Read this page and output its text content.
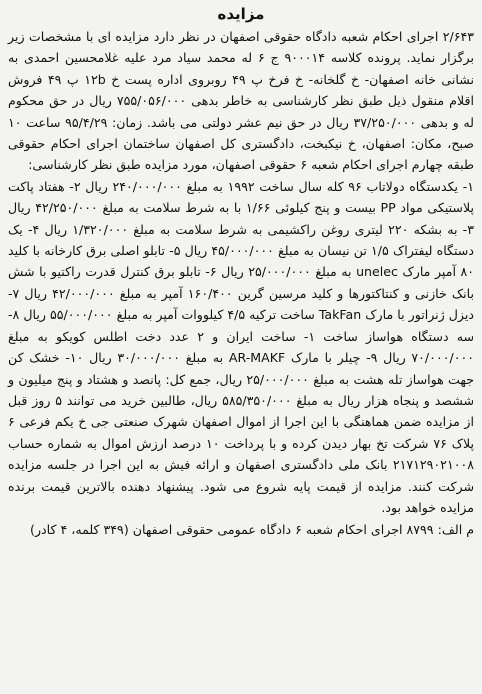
مزایده

۲/۶۴۳ اجرای احکام شعبه دادگاه حقوقی اصفهان در نظر دارد مزایده ای با مشخصات زیر برگزار نماید. پرونده کلاسه ۹۰۰۰۱۴ ج ۶ له محمد سیاد مرد علیه غلامحسین احمدی به نشانی خانه اصفهان- خ گلخانه- خ فرخ پ ۴۹ روبروی اداره پست خ ۱۲b پ ۴۹ فروش اقلام منقول ذیل طبق نظر کارشناسی به خاطر بدهی ۷۵۵/۰۵۶/۰۰۰ ریال در حق محکوم له و بدهی ۳۷/۲۵۰/۰۰۰ ریال در حق نیم عشر دولتی می باشد. زمان: ۹۵/۴/۲۹ ساعت ۱۰ صبح، مکان: اصفهان، خ نیکبخت، دادگستری کل اصفهان ساختمان اجرای احکام حقوقی طبقه چهارم اجرای احکام شعبه ۶ حقوقی اصفهان، مورد مزایده طبق نظر کارشناسی:

۱- یکدستگاه دولاتاب ۹۶ کله سال ساخت ۱۹۹۲ به مبلغ ۲۴۰/۰۰۰/۰۰۰ ریال ۲- هفتاد پاکت پلاستیکی مواد PP بیست و پنج کیلوئی ۱/۶۶ با به شرط سلامت به مبلغ ۴۲/۲۵۰/۰۰۰ ریال ۳- به بشکه ۲۲۰ لیتری روغن راکشیمی به شرط سلامت به مبلغ ۱/۳۲۰/۰۰۰ ریال ۴- یک دستگاه لیفتراک ۱/۵ تن نیسان به مبلغ ۴۵/۰۰۰/۰۰۰ ریال ۵- تابلو اصلی برق کارخانه با کلید ۸۰ آمپر مارک unelec به مبلغ ۲۵/۰۰۰/۰۰۰ ریال ۶- تابلو برق کنترل قدرت راکتیو با شش بانک خازنی و کنتاکتورها و کلید مرسین گرین ۱۶۰/۴۰۰ آمپر به مبلغ ۴۲/۰۰۰/۰۰۰ ریال ۷- دیزل ژنراتور با مارک TakFan ساخت ترکیه ۴/۵ کیلووات آمپر به مبلغ ۵۵/۰۰۰/۰۰۰ ریال ۸- سه دستگاه هواساز ساخت ۱- ساخت ایران و ۲ عدد دخت اطلس کویکو به مبلغ ۷۰/۰۰۰/۰۰۰ ریال ۹- چیلر با مارک AR-MAKF به مبلغ ۳۰/۰۰۰/۰۰۰ ریال ۱۰- خشک کن جهت هواساز تله هشت به مبلغ ۲۵/۰۰۰/۰۰۰ ریال، جمع کل: پانصد و هشتاد و پنج میلیون و ششصد و پنجاه هزار ریال به مبلغ ۵۸۵/۳۵۰/۰۰۰ ریال، طالبین خرید می توانند ۵ روز قبل از مزایده ضمن هماهنگی با این اجرا از اموال اصفهان شهرک صنعتی جی خ یکم فرعی ۶ پلاک ۷۶ شرکت تخ بهار دیدن کرده و با پرداخت ۱۰ درصد ارزش اموال به شماره حساب ۲۱۷۱۲۹۰۲۱۰۰۸ بانک ملی دادگستری اصفهان و ارائه فیش به این اجرا در جلسه مزایده شرکت کنند. مزایده از قیمت پایه شروع می شود. پیشنهاد دهنده بالاترین قیمت برنده مزایده خواهد بود.

م الف: ۸۷۹۹ اجرای احکام شعبه ۶ دادگاه عمومی حقوقی اصفهان (۳۴۹ کلمه، ۴ کادر)
